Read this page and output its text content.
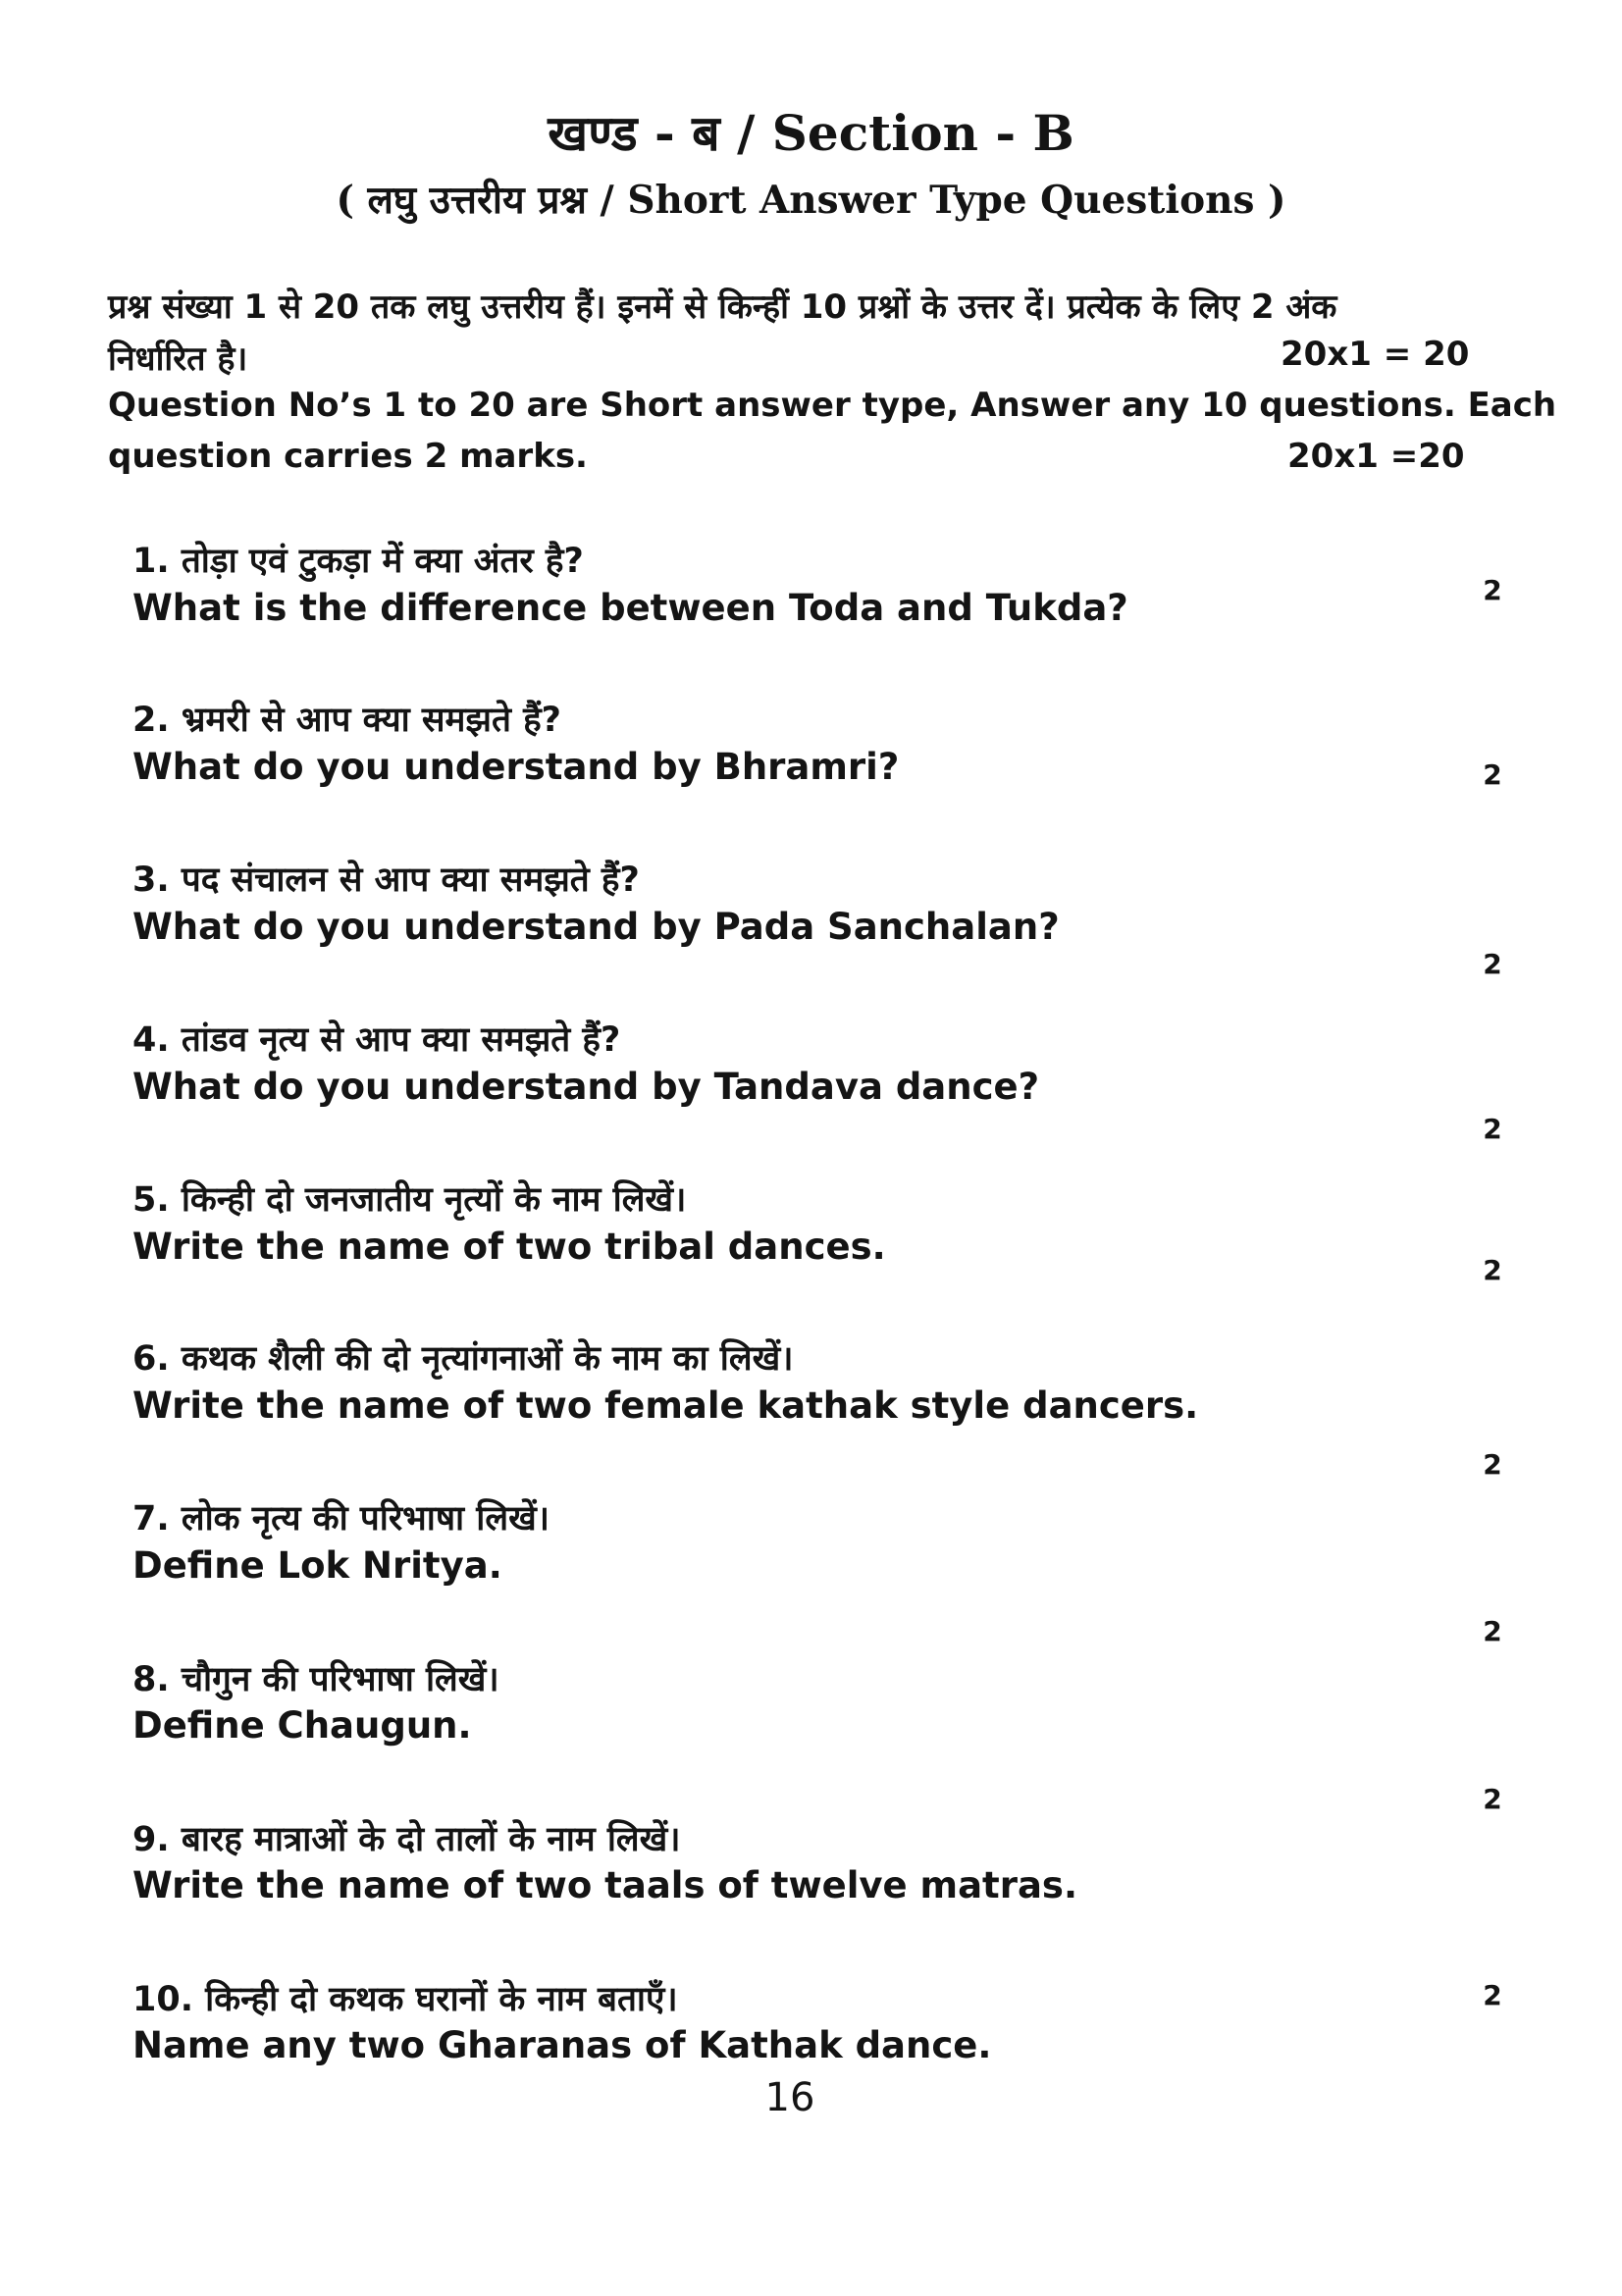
खण्ड - ब / Section - B
( लघु उत्तरीय प्रश्न / Short Answer Type Questions )
प्रश्न संख्या 1 से 20 तक लघु उत्तरीय हैं। इनमें से किन्हीं 10 प्रश्नों के उत्तर दें। प्रत्येक के लिए 2 अंक
निर्धारित है।	20x1 = 20
Question No’s 1 to 20 are Short answer type, Answer any 10 questions. Each
question carries 2 marks.	20x1 =20
1. तोड़ा एवं टुकड़ा में क्या अंतर है?
What is the difference between Toda and Tukda?	2
2. भ्रमरी से आप क्या समझते हैं?
What do you understand by Bhramri?	2
3. पद संचालन से आप क्या समझते हैं?
What do you understand by Pada Sanchalan?
2
4. तांडव नृत्य से आप क्या समझते हैं?
What do you understand by Tandava dance?
2
5. किन्ही दो जनजातीय नृत्यों के नाम लिखें।
Write the name of two tribal dances.
2
6. कथक शैली की दो नृत्यांगनाओं के नाम का लिखें।
Write the name of two female kathak style dancers.
2
7. लोक नृत्य की परिभाषा लिखें।
Define Lok Nritya.
2
8. चौगुन की परिभाषा लिखें।
Define Chaugun.
2
9. बारह मात्राओं के दो तालों के नाम लिखें।
Write the name of two taals of twelve matras.
2
10. किन्ही दो कथक घरानों के नाम बताएँ।
Name any two Gharanas of Kathak dance.
16
